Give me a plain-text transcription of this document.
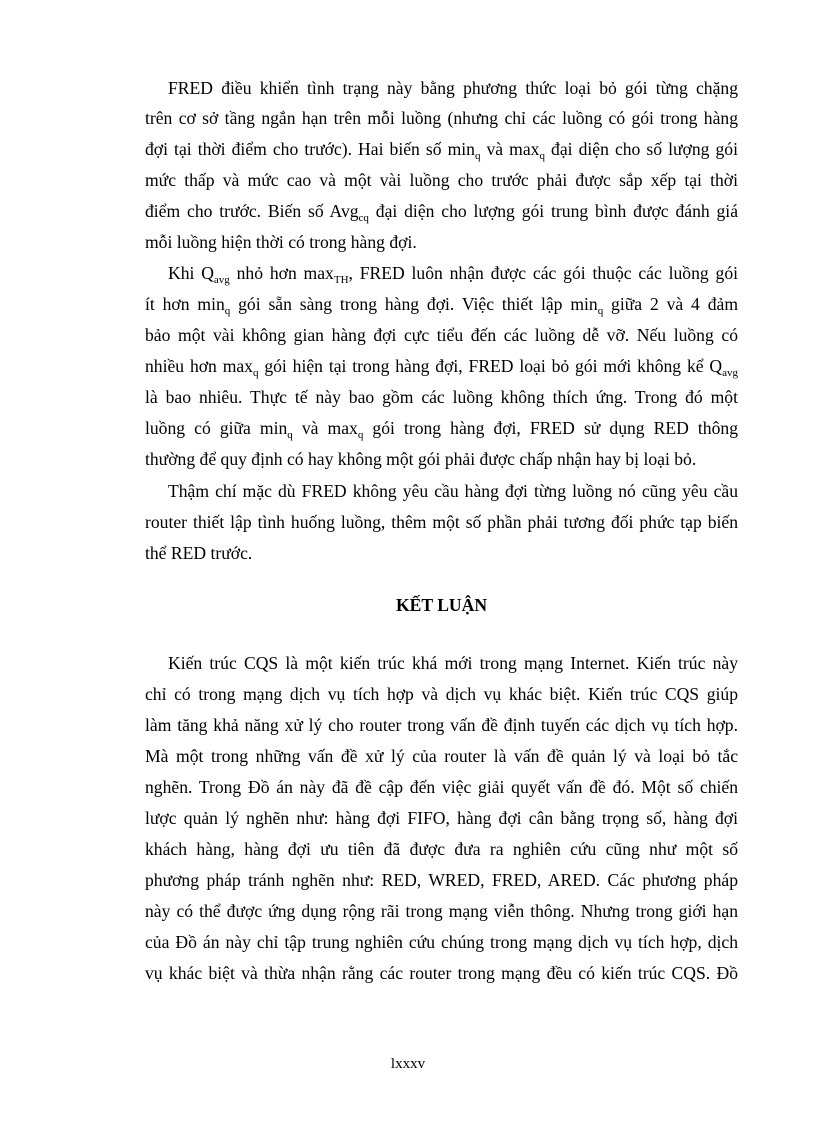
FRED điều khiển tình trạng này bằng phương thức loại bỏ gói từng chặng
trên cơ sở tầng ngắn hạn trên mỗi luồng (nhưng chỉ các luồng có gói trong hàng
đợi tại thời điểm cho trước). Hai biến số $\min_q$ và $\max_q$ đại diện cho số lượng gói
mức thấp và mức cao và một vài luồng cho trước phải được sắp xếp tại thời
điểm cho trước. Biến số Avg$_{cq}$ đại diện cho lượng gói trung bình được đánh giá
mỗi luồng hiện thời có trong hàng đợi.
Khi $Q_{avg}$ nhỏ hơn $\max_{TH}$, FRED luôn nhận được các gói thuộc các luồng gói
ít hơn $\min_q$ gói sẵn sàng trong hàng đợi. Việc thiết lập $\min_q$ giữa 2 và 4 đảm
bảo một vài không gian hàng đợi cực tiểu đến các luồng dễ vỡ. Nếu luồng có
nhiều hơn $\max_q$ gói hiện tại trong hàng đợi, FRED loại bỏ gói mới không kể $Q_{avg}$
là bao nhiêu. Thực tế này bao gồm các luồng không thích ứng. Trong đó một
luồng có giữa $\min_q$ và $\max_q$ gói trong hàng đợi, FRED sử dụng RED thông
thường để quy định có hay không một gói phải được chấp nhận hay bị loại bỏ.
Thậm chí mặc dù FRED không yêu cầu hàng đợi từng luồng nó cũng yêu cầu
router thiết lập tình huống luồng, thêm một số phần phải tương đối phức tạp biến
thể RED trước.
KẾT LUẬN
Kiến trúc CQS là một kiến trúc khá mới trong mạng Internet. Kiến trúc này
chỉ có trong mạng dịch vụ tích hợp và dịch vụ khác biệt. Kiến trúc CQS giúp
làm tăng khả năng xử lý cho router trong vấn đề định tuyến các dịch vụ tích hợp.
Mà một trong những vấn đề xử lý của router là vấn đề quản lý và loại bỏ tắc
nghẽn. Trong Đồ án này đã đề cập đến việc giải quyết vấn đề đó. Một số chiến
lược quản lý nghẽn như: hàng đợi FIFO, hàng đợi cân bằng trọng số, hàng đợi
khách hàng, hàng đợi ưu tiên đã được đưa ra nghiên cứu cũng như một số
phương pháp tránh nghẽn như: RED, WRED, FRED, ARED. Các phương pháp
này có thể được ứng dụng rộng rãi trong mạng viễn thông. Nhưng trong giới hạn
của Đồ án này chỉ tập trung nghiên cứu chúng trong mạng dịch vụ tích hợp, dịch
vụ khác biệt và thừa nhận rằng các router trong mạng đều có kiến trúc CQS. Đồ
lxxxv
